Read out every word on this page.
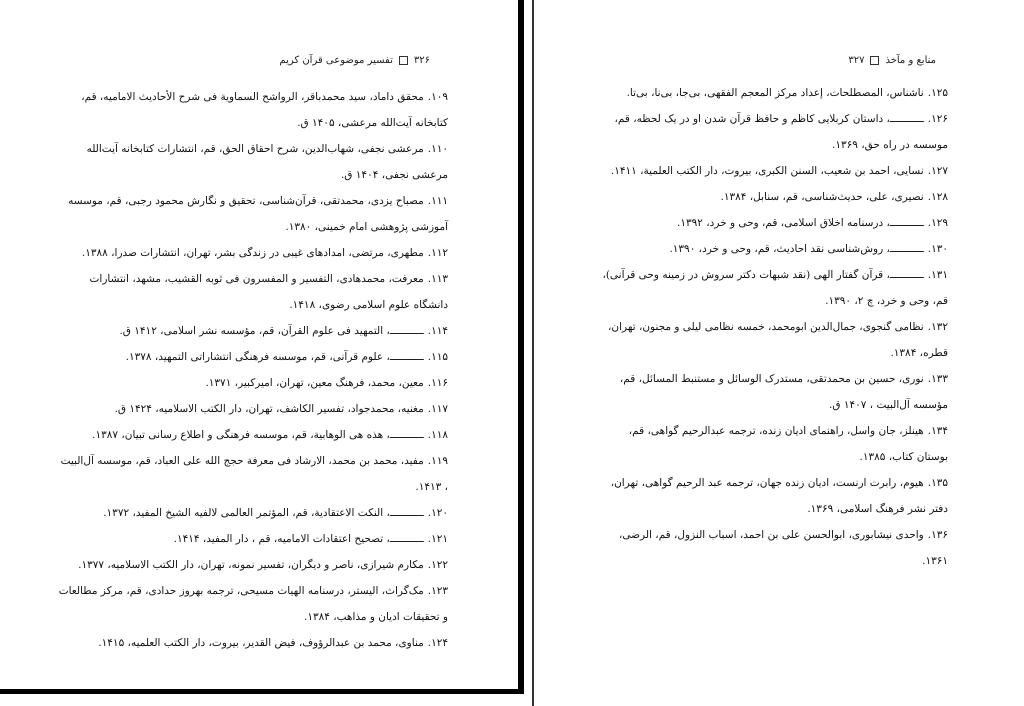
۳۲۶
تفسیر موضوعی قرآن کریم

۱۰۹.محقق داماد، سید محمدباقر، الرواشح السماویة فی شرح الأحادیث الامامیه، قم، کتابخانه آیت‌الله مرعشی، ۱۴۰۵ ق.

۱۱۰.مرعشی نجفی، شهاب‌الدین، شرح احقاق الحق، قم، انتشارات کتابخانه آیت‌الله مرعشی نجفی، ۱۴۰۴ ق.

۱۱۱.مصباح یزدی، محمدتقی، قرآن‌شناسی، تحقیق و نگارش محمود رجبی، قم، موسسه آموزشی پژوهشی امام خمینی، ۱۳۸۰.

۱۱۲.مطهری، مرتضی، امدادهای غیبی در زندگی بشر، تهران، انتشارات صدرا، ۱۳۸۸.

۱۱۳.معرفت، محمدهادی، التفسیر و المفسرون فی ثوبه القشیب، مشهد، انتشارات دانشگاه علوم اسلامی رضوی، ۱۴۱۸.

۱۱۴.ـــــــــــ، التمهید فی علوم القرآن، قم، مؤسسه نشر اسلامی، ۱۴۱۲ ق.

۱۱۵.ـــــــــــ، علوم قرآنی، قم، موسسه فرهنگی انتشاراتی التمهید، ۱۳۷۸.

۱۱۶.معین، محمد، فرهنگ معین، تهران، امیرکبیر، ۱۳۷۱.

۱۱۷.مغنیه، محمدجواد، تفسیر الکاشف، تهران، دار الکتب الاسلامیه، ۱۴۲۴ ق.

۱۱۸.ـــــــــــ، هذه هی الوهابیة، قم، موسسه فرهنگی و اطلاع رسانی تبیان، ۱۳۸۷.

۱۱۹.مفید، محمد بن محمد، الارشاد فی معرفة حجج الله علی العباد، قم، موسسه آل‌البیت ، ۱۴۱۳.

۱۲۰.ـــــــــــ، النکت الاعتقادیة، قم، المؤتمر العالمی لالفیه الشیخ المفید، ۱۳۷۲.

۱۲۱.ـــــــــــ، تصحیح اعتقادات الامامیه، قم ، دار المفید، ۱۴۱۴.

۱۲۲.مکارم شیرازی، ناصر و دیگران، تفسیر نمونه، تهران، دار الکتب الاسلامیه، ۱۳۷۷.

۱۲۳.مک‌گراث، الیستر، درسنامه الهیات مسیحی، ترجمه بهروز حدادی، قم، مرکز مطالعات و تحقیقات ادیان و مذاهب، ۱۳۸۴.

۱۲۴.مناوی، محمد بن عبدالرؤوف، فیض القدیر، بیروت، دار الکتب العلمیه، ۱۴۱۵.

منابع و مآخذ
۳۲۷

۱۲۵.ناشناس، المصطلحات، إعداد مرکز المعجم الفقهی، بی‌جا، بی‌نا، بی‌تا.

۱۲۶.ـــــــــــ، داستان کربلایی کاظم و حافظ قرآن شدن او در یک لحظه، قم، موسسه در راه حق، ۱۳۶۹.

۱۲۷.نسایی، احمد بن شعیب، السنن الکبری، بیروت، دار الکتب العلمیة، ۱۴۱۱.

۱۲۸.نصیری، علی، حدیث‌شناسی، قم، سنابل، ۱۳۸۴.

۱۲۹.ـــــــــــ، درسنامه اخلاق اسلامی، قم، وحی و خرد، ۱۳۹۲.

۱۳۰.ـــــــــــ، روش‌شناسی نقد احادیث، قم، وحی و خرد، ۱۳۹۰.

۱۳۱.ـــــــــــ، قرآن گفتار الهی (نقد شبهات دکتر سروش در زمینه وحی قرآنی)، قم، وحی و خرد، چ ۲، ۱۳۹۰.

۱۳۲.نظامی گنجوی، جمال‌الدین ابومحمد، خمسه نظامی لیلی و مجنون، تهران، قطره، ۱۳۸۴.

۱۳۳.نوری، حسین بن محمدتقی، مستدرک الوسائل و مستنبط المسائل، قم، مؤسسه آل‌البیت ، ۱۴۰۷ ق.

۱۳۴.هینلز، جان واسل، راهنمای ادیان زنده، ترجمه عبدالرحیم گواهی، قم، بوستان کتاب، ۱۳۸۵.

۱۳۵.هیوم، رابرت ارنست، ادیان زنده جهان، ترجمه عبد الرحیم گواهی، تهران، دفتر نشر فرهنگ اسلامی، ۱۳۶۹.

۱۳۶.واحدی نیشابوری، ابوالحسن علی بن احمد، اسباب النزول، قم، الرضی، ۱۳۶۱.
